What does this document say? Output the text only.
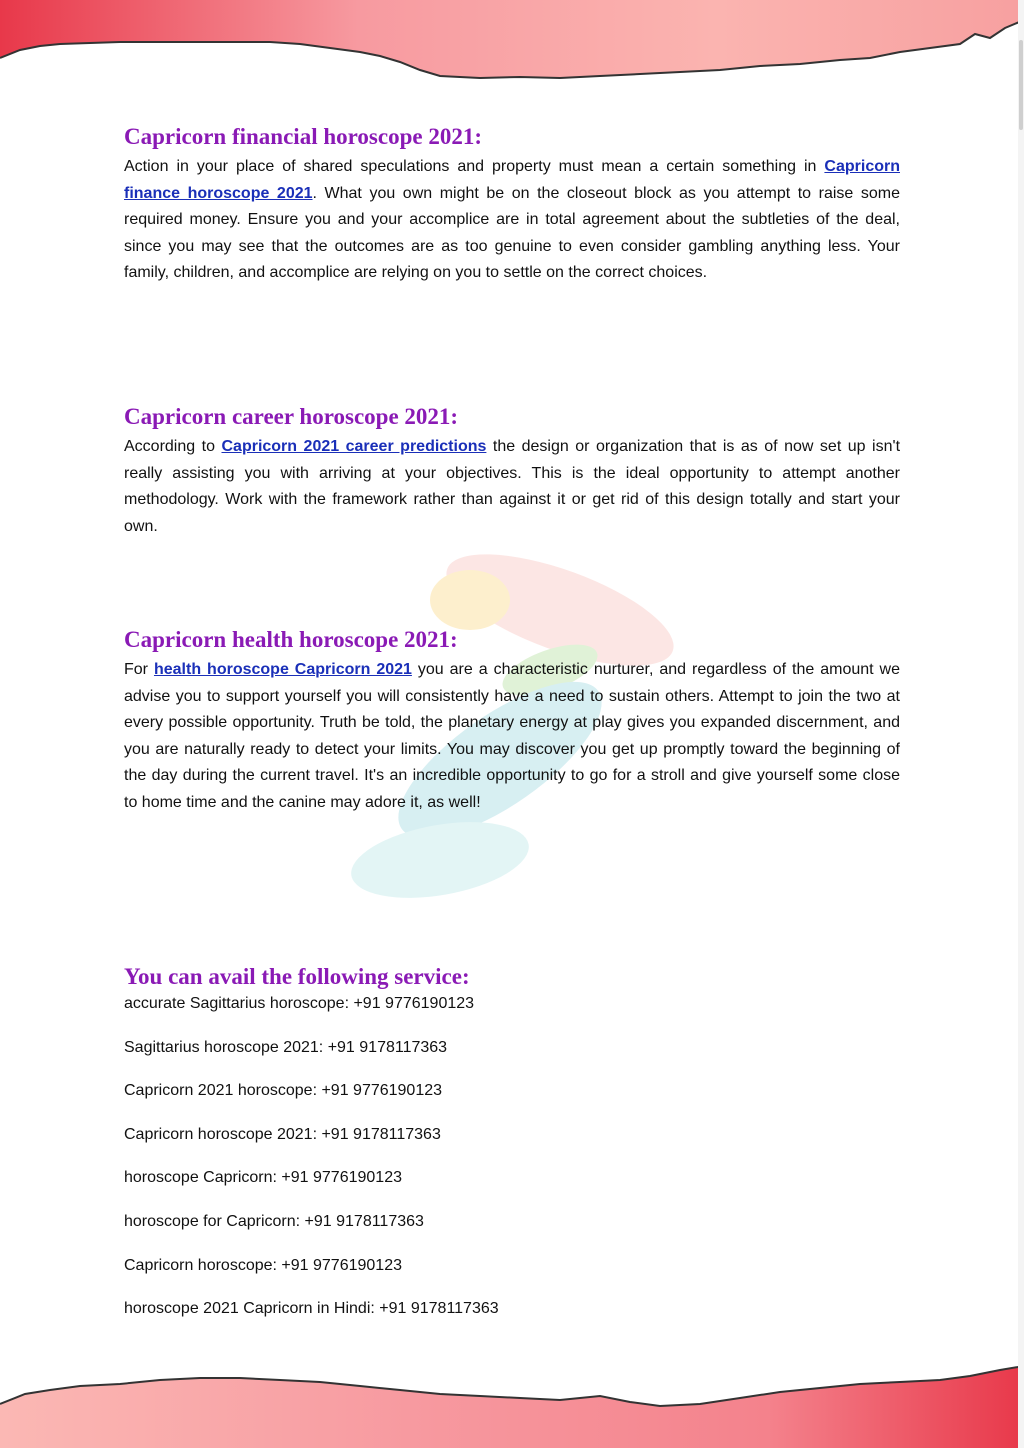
Capricorn financial horoscope 2021:

Action in your place of shared speculations and property must mean a certain something in Capricorn finance horoscope 2021. What you own might be on the closeout block as you attempt to raise some required money. Ensure you and your accomplice are in total agreement about the subtleties of the deal, since you may see that the outcomes are as too genuine to even consider gambling anything less. Your family, children, and accomplice are relying on you to settle on the correct choices.

Capricorn career horoscope 2021:

According to Capricorn 2021 career predictions the design or organization that is as of now set up isn't really assisting you with arriving at your objectives. This is the ideal opportunity to attempt another methodology. Work with the framework rather than against it or get rid of this design totally and start your own.

Capricorn health horoscope 2021:

For health horoscope Capricorn 2021 you are a characteristic nurturer, and regardless of the amount we advise you to support yourself you will consistently have a need to sustain others. Attempt to join the two at every possible opportunity. Truth be told, the planetary energy at play gives you expanded discernment, and you are naturally ready to detect your limits. You may discover you get up promptly toward the beginning of the day during the current travel. It's an incredible opportunity to go for a stroll and give yourself some close to home time and the canine may adore it, as well!

You can avail the following service:
accurate Sagittarius horoscope: +91 9776190123
Sagittarius horoscope 2021: +91 9178117363
Capricorn 2021 horoscope: +91 9776190123
Capricorn horoscope 2021: +91 9178117363
horoscope Capricorn: +91 9776190123
horoscope for Capricorn: +91 9178117363
Capricorn horoscope: +91 9776190123
horoscope 2021 Capricorn in Hindi: +91 9178117363
